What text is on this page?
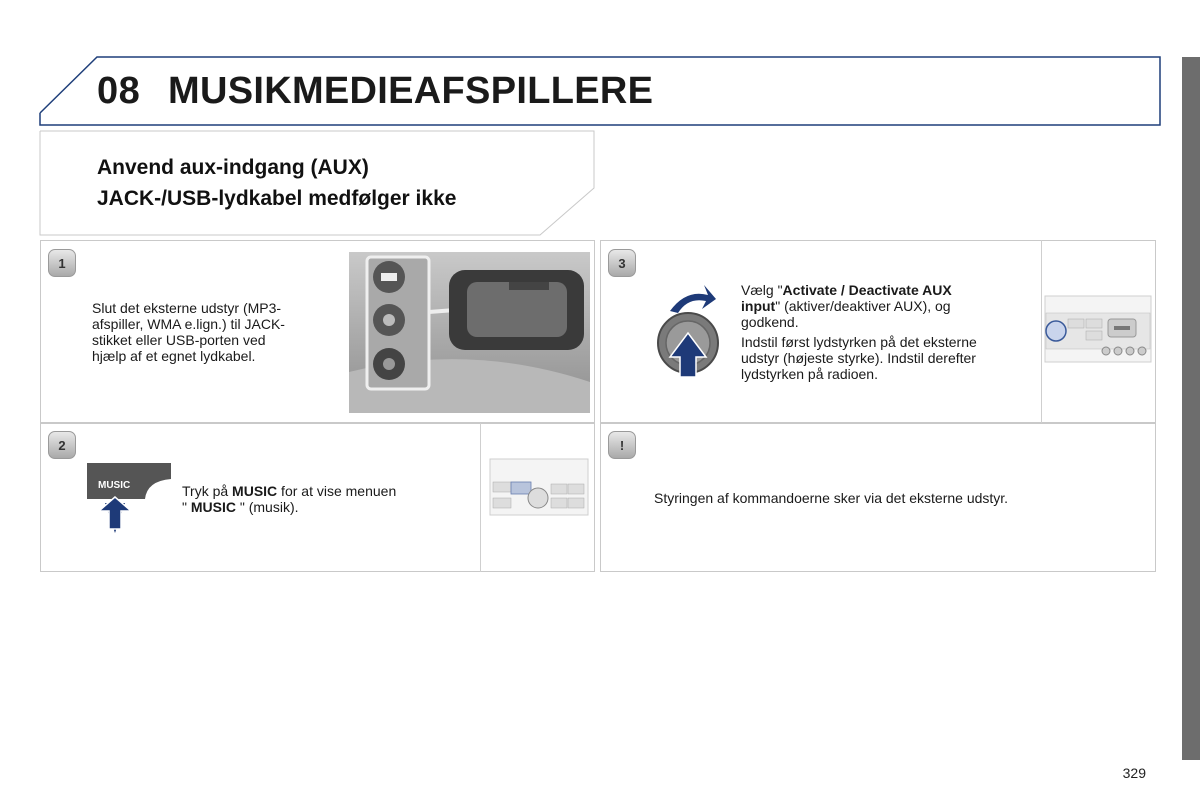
08 MUSIKMEDIEAFSPILLERE
Anvend aux-indgang (AUX)
JACK-/USB-lydkabel medfølger ikke
1
Slut det eksterne udstyr (MP3-
afspiller, WMA e.lign.) til JACK-
stikket eller USB-porten ved
hjælp af et egnet lydkabel.
2
MUSIC	Tryk på MUSIC for at vise menuen
" MUSIC " (musik).
3
Vælg "Activate / Deactivate AUX
input" (aktiver/deaktiver AUX), og
godkend.
Indstil først lydstyrken på det eksterne
udstyr (højeste styrke). Indstil derefter
lydstyrken på radioen.
!
Styringen af kommandoerne sker via det eksterne udstyr.
329
